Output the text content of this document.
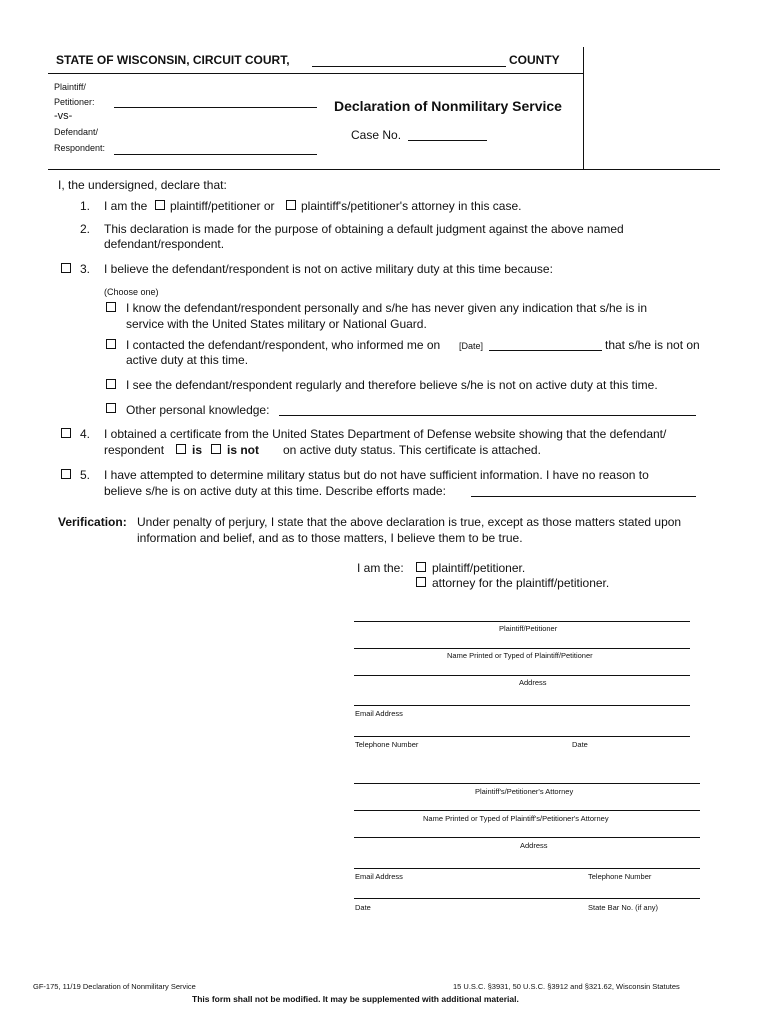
STATE OF WISCONSIN, CIRCUIT COURT,	COUNTY
Plaintiff/
Petitioner:
-vs-
Defendant/
Respondent:
Declaration of Nonmilitary Service
Case No.
I, the undersigned, declare that:
1. I am the plaintiff/petitioner or plaintiff's/petitioner's attorney in this case.
2. This declaration is made for the purpose of obtaining a default judgment against the above named
defendant/respondent.
3. I believe the defendant/respondent is not on active military duty at this time because:
(Choose one)
I know the defendant/respondent personally and s/he has never given any indication that s/he is in
service with the United States military or National Guard.
I contacted the defendant/respondent, who informed me on [Date]	that s/he is not on
active duty at this time.
I see the defendant/respondent regularly and therefore believe s/he is not on active duty at this time.
Other personal knowledge:
4. I obtained a certificate from the United States Department of Defense website showing that the defendant/
respondent is is not on active duty status. This certificate is attached.
5. I have attempted to determine military status but do not have sufficient information. I have no reason to
believe s/he is on active duty at this time. Describe efforts made:
Verification: Under penalty of perjury, I state that the above declaration is true, except as those matters stated upon
information and belief, and as to those matters, I believe them to be true.
I am the: plaintiff/petitioner.
attorney for the plaintiff/petitioner.
Plaintiff/Petitioner
Name Printed or Typed of Plaintiff/Petitioner
Address
Email Address
Telephone Number	Date
Plaintiff's/Petitioner's Attorney
Name Printed or Typed of Plaintiff's/Petitioner's Attorney
Address
Email Address	Telephone Number
Date	State Bar No. (if any)
GF-175, 11/19 Declaration of Nonmilitary Service	15 U.S.C. §3931, 50 U.S.C. §3912 and §321.62, Wisconsin Statutes
This form shall not be modified. It may be supplemented with additional material.
